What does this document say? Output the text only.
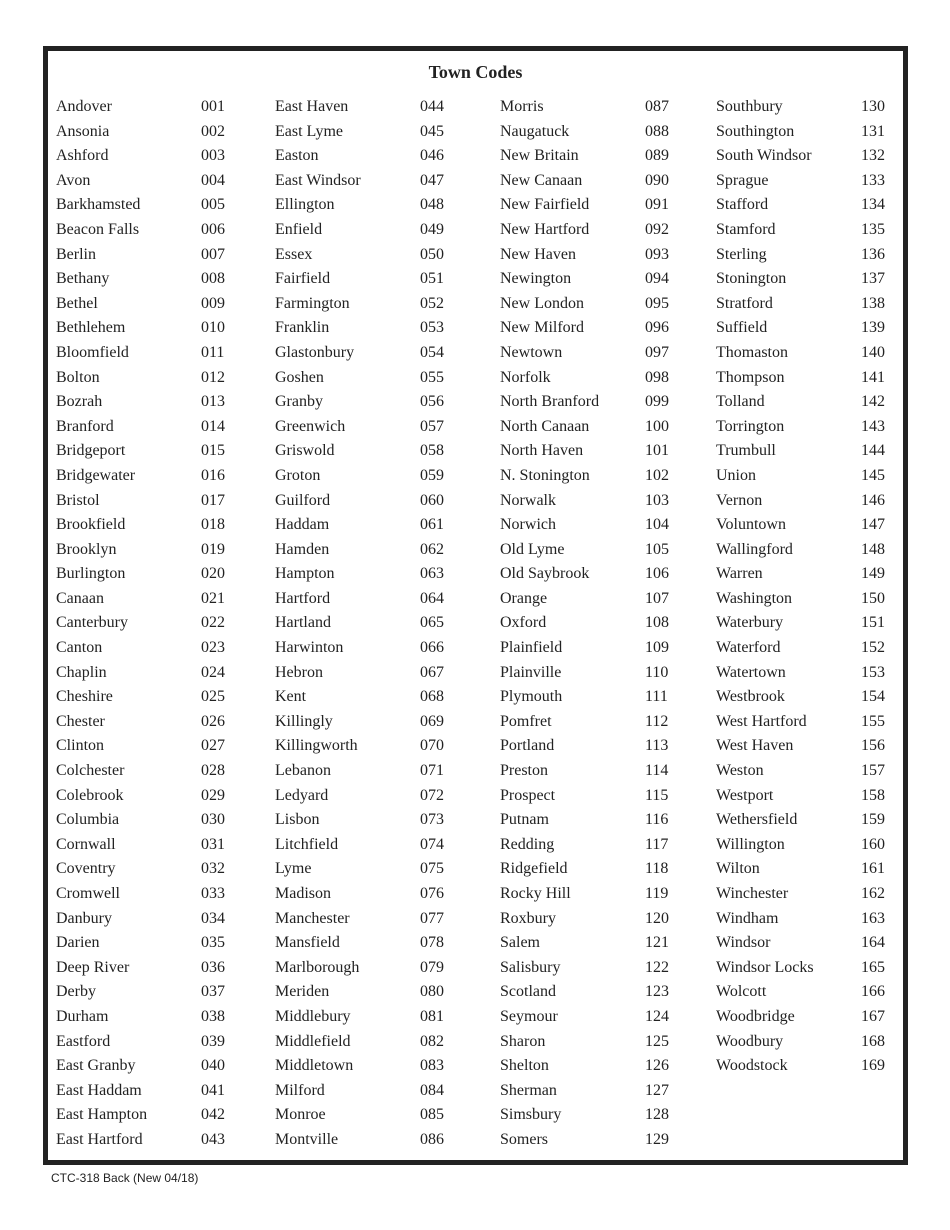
Town Codes
Andover	001
Ansonia	002
Ashford	003
Avon	004
Barkhamsted	005
Beacon Falls	006
Berlin	007
Bethany	008
Bethel	009
Bethlehem	010
Bloomfield	011
Bolton	012
Bozrah	013
Branford	014
Bridgeport	015
Bridgewater	016
Bristol	017
Brookfield	018
Brooklyn	019
Burlington	020
Canaan	021
Canterbury	022
Canton	023
Chaplin	024
Cheshire	025
Chester	026
Clinton	027
Colchester	028
Colebrook	029
Columbia	030
Cornwall	031
Coventry	032
Cromwell	033
Danbury	034
Darien	035
Deep River	036
Derby	037
Durham	038
Eastford	039
East Granby	040
East Haddam	041
East Hampton	042
East Hartford	043
East Haven	044
East Lyme	045
Easton	046
East Windsor	047
Ellington	048
Enfield	049
Essex	050
Fairfield	051
Farmington	052
Franklin	053
Glastonbury	054
Goshen	055
Granby	056
Greenwich	057
Griswold	058
Groton	059
Guilford	060
Haddam	061
Hamden	062
Hampton	063
Hartford	064
Hartland	065
Harwinton	066
Hebron	067
Kent	068
Killingly	069
Killingworth	070
Lebanon	071
Ledyard	072
Lisbon	073
Litchfield	074
Lyme	075
Madison	076
Manchester	077
Mansfield	078
Marlborough	079
Meriden	080
Middlebury	081
Middlefield	082
Middletown	083
Milford	084
Monroe	085
Montville	086
Morris	087
Naugatuck	088
New Britain	089
New Canaan	090
New Fairfield	091
New Hartford	092
New Haven	093
Newington	094
New London	095
New Milford	096
Newtown	097
Norfolk	098
North Branford	099
North Canaan	100
North Haven	101
N. Stonington	102
Norwalk	103
Norwich	104
Old Lyme	105
Old Saybrook	106
Orange	107
Oxford	108
Plainfield	109
Plainville	110
Plymouth	111
Pomfret	112
Portland	113
Preston	114
Prospect	115
Putnam	116
Redding	117
Ridgefield	118
Rocky Hill	119
Roxbury	120
Salem	121
Salisbury	122
Scotland	123
Seymour	124
Sharon	125
Shelton	126
Sherman	127
Simsbury	128
Somers	129
Southbury	130
Southington	131
South Windsor	132
Sprague	133
Stafford	134
Stamford	135
Sterling	136
Stonington	137
Stratford	138
Suffield	139
Thomaston	140
Thompson	141
Tolland	142
Torrington	143
Trumbull	144
Union	145
Vernon	146
Voluntown	147
Wallingford	148
Warren	149
Washington	150
Waterbury	151
Waterford	152
Watertown	153
Westbrook	154
West Hartford	155
West Haven	156
Weston	157
Westport	158
Wethersfield	159
Willington	160
Wilton	161
Winchester	162
Windham	163
Windsor	164
Windsor Locks	165
Wolcott	166
Woodbridge	167
Woodbury	168
Woodstock	169
CTC-318 Back (New 04/18)
